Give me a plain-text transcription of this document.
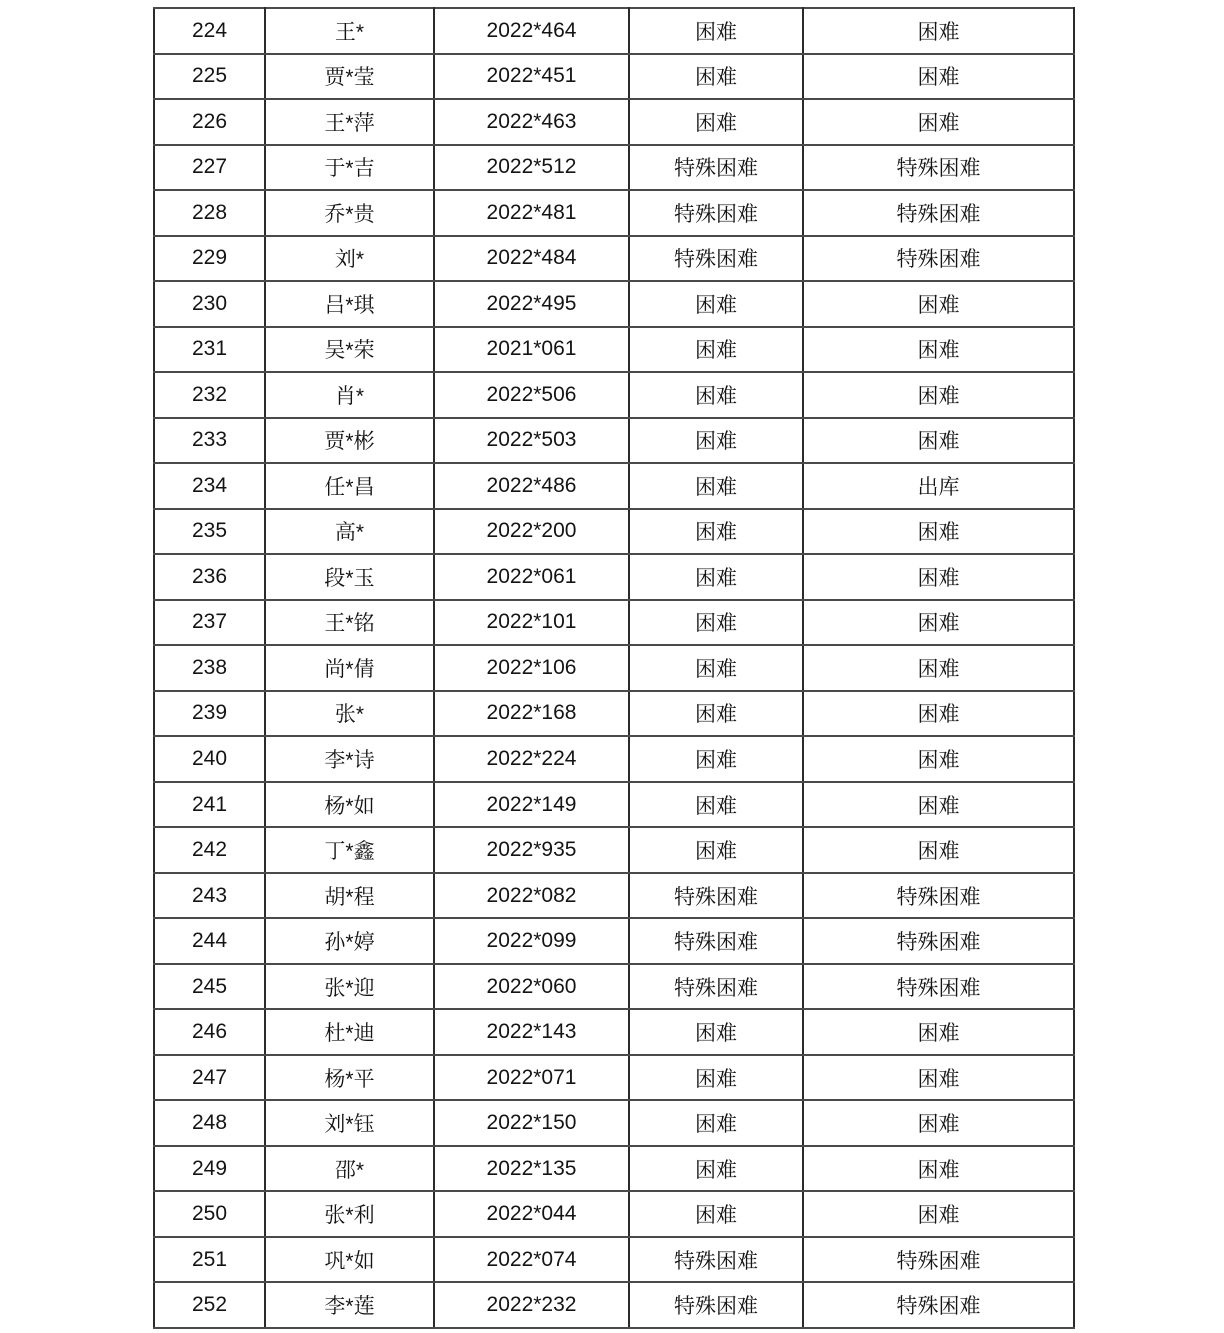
224	王*	2022*464	困难	困难
225	贾*莹	2022*451	困难	困难
226	王*萍	2022*463	困难	困难
227	于*吉	2022*512	特殊困难	特殊困难
228	乔*贵	2022*481	特殊困难	特殊困难
229	刘*	2022*484	特殊困难	特殊困难
230	吕*琪	2022*495	困难	困难
231	吴*荣	2021*061	困难	困难
232	肖*	2022*506	困难	困难
233	贾*彬	2022*503	困难	困难
234	任*昌	2022*486	困难	出库
235	高*	2022*200	困难	困难
236	段*玉	2022*061	困难	困难
237	王*铭	2022*101	困难	困难
238	尚*倩	2022*106	困难	困难
239	张*	2022*168	困难	困难
240	李*诗	2022*224	困难	困难
241	杨*如	2022*149	困难	困难
242	丁*鑫	2022*935	困难	困难
243	胡*程	2022*082	特殊困难	特殊困难
244	孙*婷	2022*099	特殊困难	特殊困难
245	张*迎	2022*060	特殊困难	特殊困难
246	杜*迪	2022*143	困难	困难
247	杨*平	2022*071	困难	困难
248	刘*钰	2022*150	困难	困难
249	邵*	2022*135	困难	困难
250	张*利	2022*044	困难	困难
251	巩*如	2022*074	特殊困难	特殊困难
252	李*莲	2022*232	特殊困难	特殊困难
